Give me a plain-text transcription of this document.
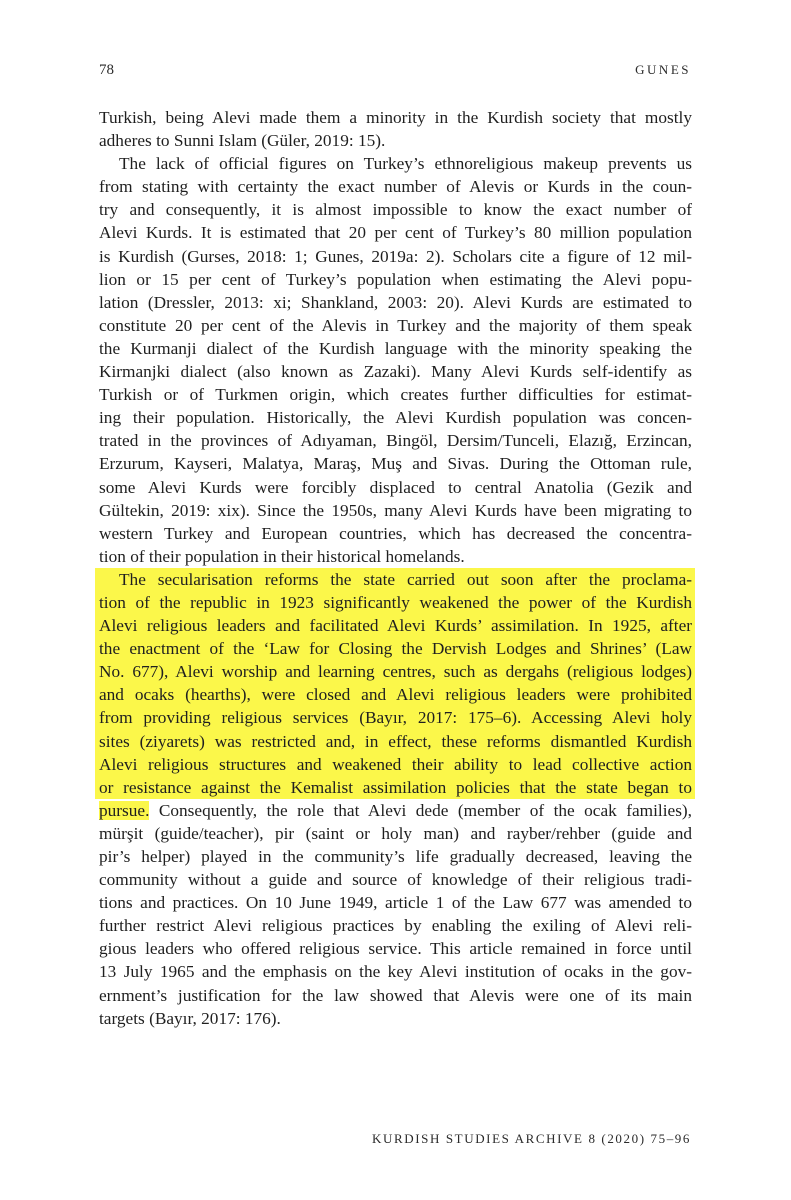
78	GUNES
Turkish, being Alevi made them a minority in the Kurdish society that mostly
adheres to Sunni Islam (Güler, 2019: 15).
The lack of official figures on Turkey’s ethnoreligious makeup prevents us
from stating with certainty the exact number of Alevis or Kurds in the coun-
try and consequently, it is almost impossible to know the exact number of
Alevi Kurds. It is estimated that 20 per cent of Turkey’s 80 million population
is Kurdish (Gurses, 2018: 1; Gunes, 2019a: 2). Scholars cite a figure of 12 mil-
lion or 15 per cent of Turkey’s population when estimating the Alevi popu-
lation (Dressler, 2013: xi; Shankland, 2003: 20). Alevi Kurds are estimated to
constitute 20 per cent of the Alevis in Turkey and the majority of them speak
the Kurmanji dialect of the Kurdish language with the minority speaking the
Kirmanjki dialect (also known as Zazaki). Many Alevi Kurds self-identify as
Turkish or of Turkmen origin, which creates further difficulties for estimat-
ing their population. Historically, the Alevi Kurdish population was concen-
trated in the provinces of Adıyaman, Bingöl, Dersim/Tunceli, Elazığ, Erzincan,
Erzurum, Kayseri, Malatya, Maraş, Muş and Sivas. During the Ottoman rule,
some Alevi Kurds were forcibly displaced to central Anatolia (Gezik and
Gültekin, 2019: xix). Since the 1950s, many Alevi Kurds have been migrating to
western Turkey and European countries, which has decreased the concentra-
tion of their population in their historical homelands.
The secularisation reforms the state carried out soon after the proclama-
tion of the republic in 1923 significantly weakened the power of the Kurdish
Alevi religious leaders and facilitated Alevi Kurds’ assimilation. In 1925, after
the enactment of the ‘Law for Closing the Dervish Lodges and Shrines’ (Law
No. 677), Alevi worship and learning centres, such as dergahs (religious lodges)
and ocaks (hearths), were closed and Alevi religious leaders were prohibited
from providing religious services (Bayır, 2017: 175–6). Accessing Alevi holy
sites (ziyarets) was restricted and, in effect, these reforms dismantled Kurdish
Alevi religious structures and weakened their ability to lead collective action
or resistance against the Kemalist assimilation policies that the state began to
pursue. Consequently, the role that Alevi dede (member of the ocak families),
mürşit (guide/teacher), pir (saint or holy man) and rayber/rehber (guide and
pir’s helper) played in the community’s life gradually decreased, leaving the
community without a guide and source of knowledge of their religious tradi-
tions and practices. On 10 June 1949, article 1 of the Law 677 was amended to
further restrict Alevi religious practices by enabling the exiling of Alevi reli-
gious leaders who offered religious service. This article remained in force until
13 July 1965 and the emphasis on the key Alevi institution of ocaks in the gov-
ernment’s justification for the law showed that Alevis were one of its main
targets (Bayır, 2017: 176).
KURDISH STUDIES ARCHIVE 8 (2020) 75–96
